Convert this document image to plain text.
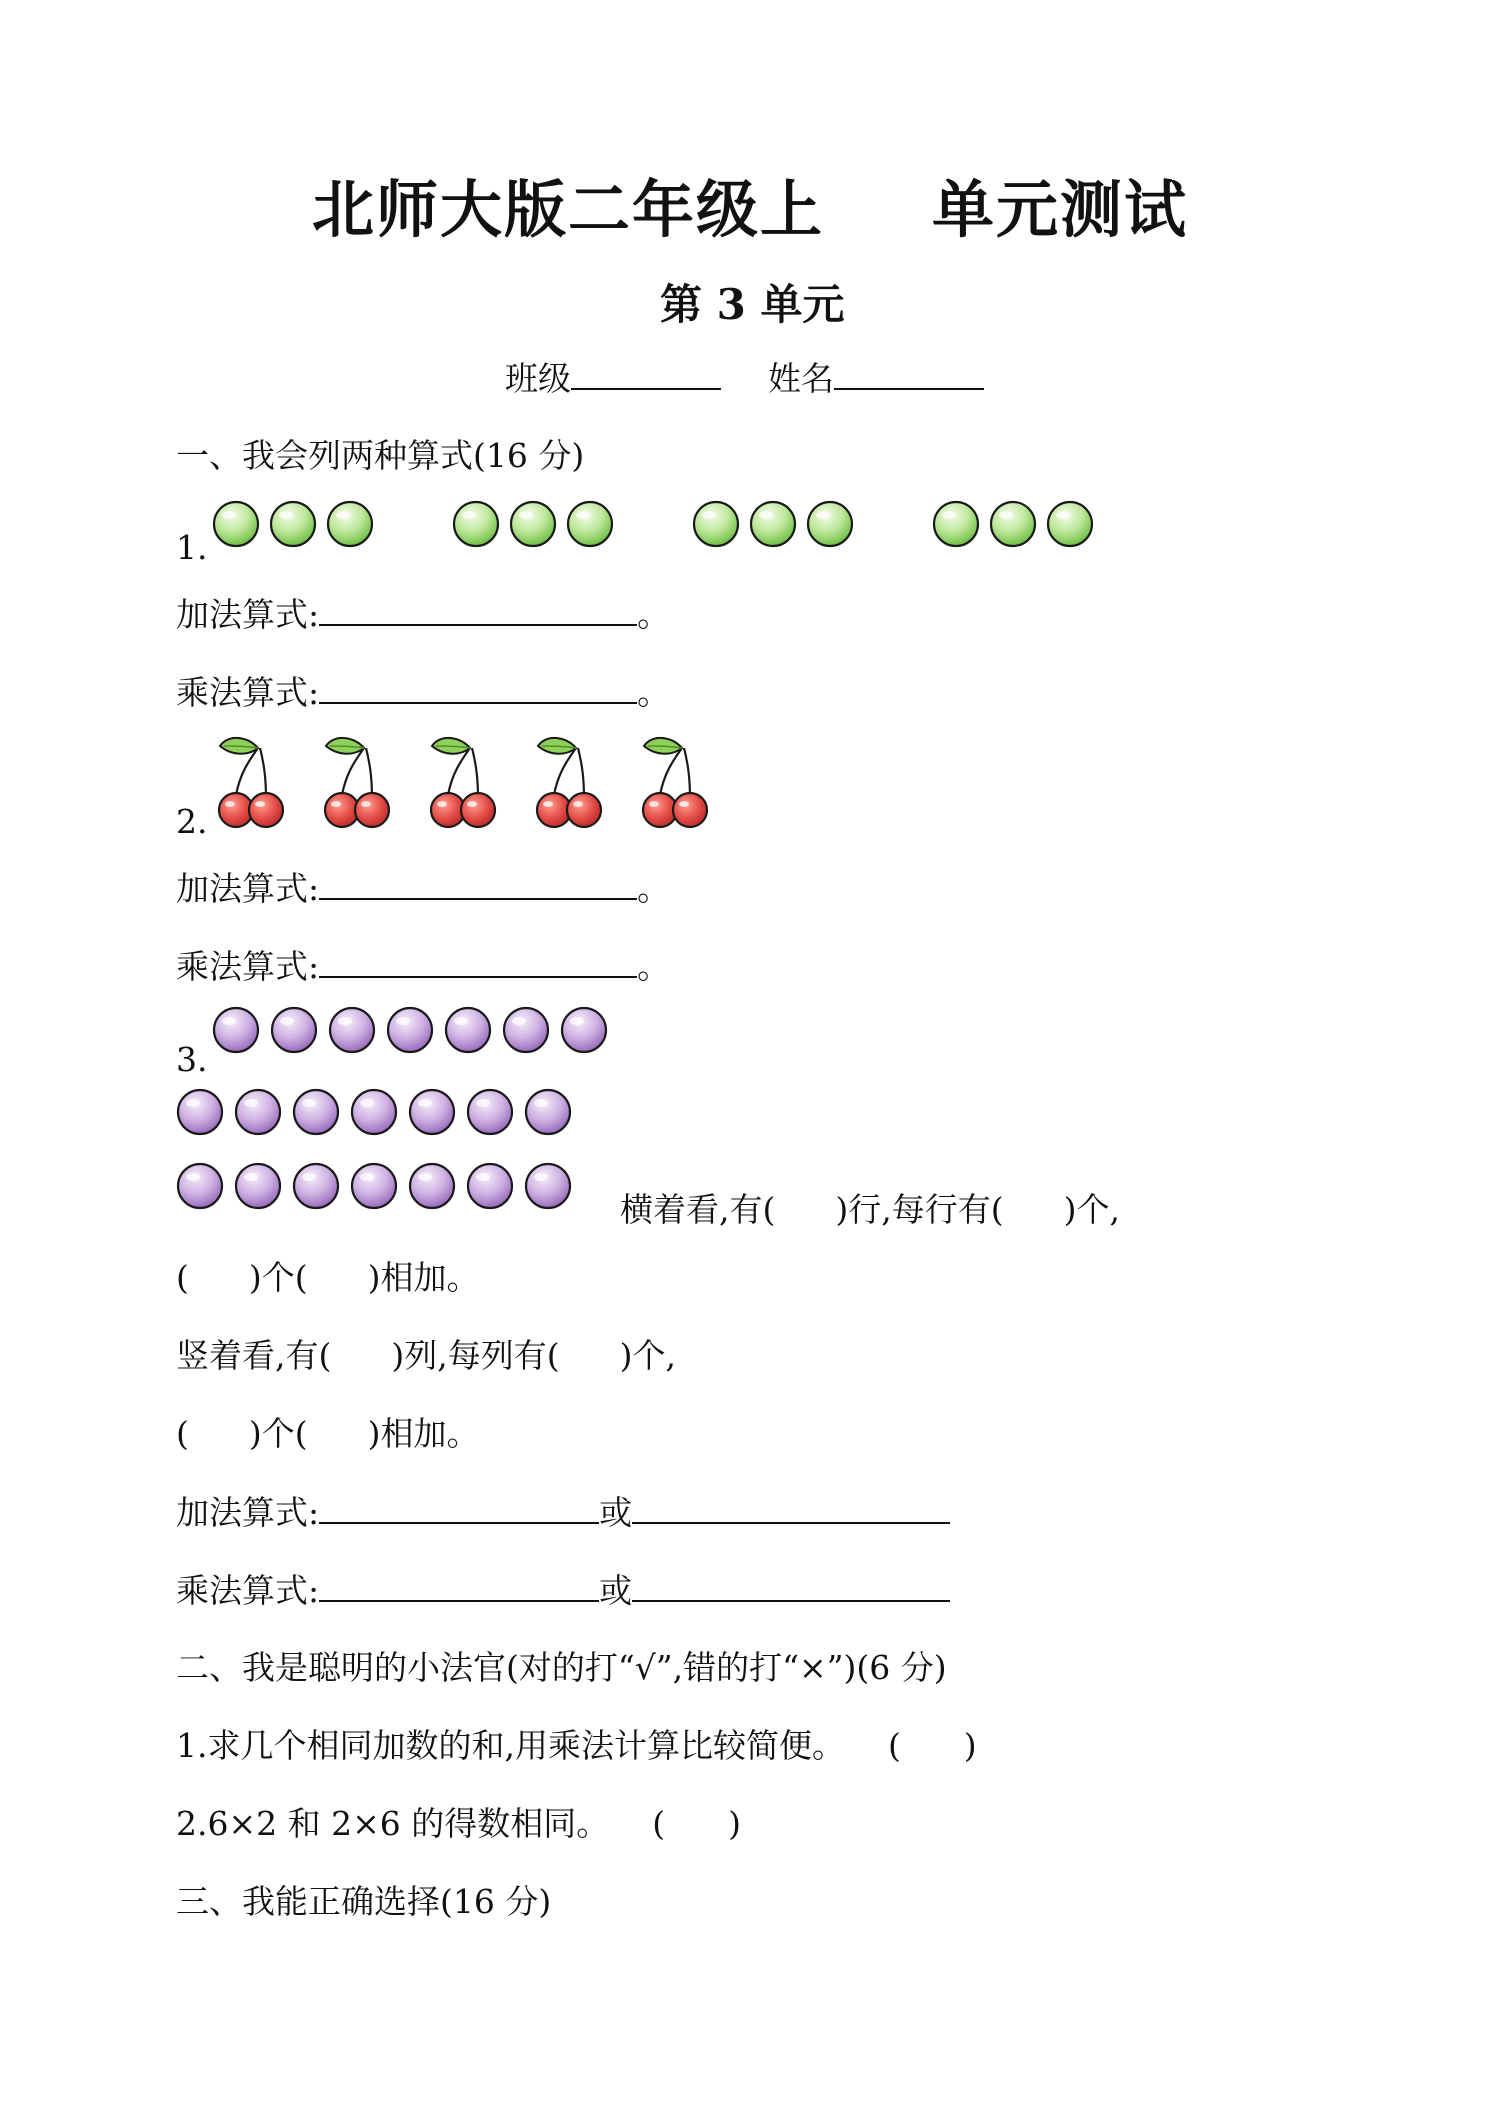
北师大版二年级上 单元测试
第 3 单元
班级	姓名
一、我会列两种算式(16 分)
1.
加法算式:	。
乘法算式:	。
2.
加法算式:	。
乘法算式:	。
3.
横着看,有( )行,每行有( )个,
( )个( )相加。
竖着看,有( )列,每列有( )个,
( )个( )相加。
加法算式:	或
乘法算式:	或
二、我是聪明的小法官(对的打“√”,错的打“×”)(6 分)
1.求几个相同加数的和,用乘法计算比较简便。 (      )
2.6×2 和 2×6 的得数相同。 (      )
三、我能正确选择(16 分)
